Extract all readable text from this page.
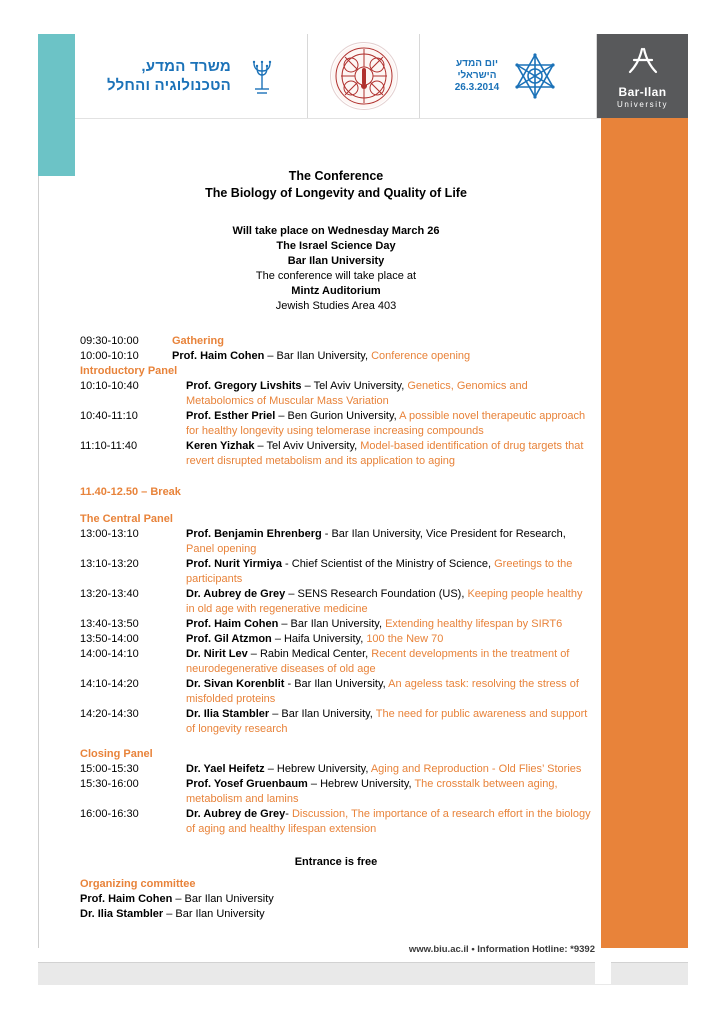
משרד המדע,
הטכנולוגיה והחלל
יום המדע
הישראלי
26.3.2014	Bar-Ilan
University
The Conference
The Biology of Longevity and Quality of Life
Will take place on Wednesday March 26
The Israel Science Day
Bar Ilan University
The conference will take place at
Mintz Auditorium
Jewish Studies Area 403
09:30-10:00	Gathering
10:00-10:10	Prof. Haim Cohen – Bar Ilan University, Conference opening
Introductory Panel
10:10-10:40	Prof. Gregory Livshits – Tel Aviv University, Genetics, Genomics and Metabolomics of Muscular Mass Variation
10:40-11:10	Prof. Esther Priel – Ben Gurion University, A possible novel therapeutic approach for healthy longevity using telomerase increasing compounds
11:10-11:40	Keren Yizhak – Tel Aviv University, Model-based identification of drug targets that revert disrupted metabolism and its application to aging
11.40-12.50 – Break
The Central Panel
13:00-13:10	Prof. Benjamin Ehrenberg - Bar Ilan University, Vice President for Research, Panel opening
13:10-13:20	Prof. Nurit Yirmiya - Chief Scientist of the Ministry of Science, Greetings to the participants
13:20-13:40	Dr. Aubrey de Grey – SENS Research Foundation (US), Keeping people healthy in old age with regenerative medicine
13:40-13:50	Prof. Haim Cohen – Bar Ilan University, Extending healthy lifespan by SIRT6
13:50-14:00	Prof. Gil Atzmon – Haifa University, 100 the New 70
14:00-14:10	Dr. Nirit Lev – Rabin Medical Center, Recent developments in the treatment of neurodegenerative diseases of old age
14:10-14:20	Dr. Sivan Korenblit - Bar Ilan University, An ageless task: resolving the stress of misfolded proteins
14:20-14:30	Dr. Ilia Stambler – Bar Ilan University, The need for public awareness and support of longevity research
Closing Panel
15:00-15:30	Dr. Yael Heifetz – Hebrew University, Aging and Reproduction - Old Flies’ Stories
15:30-16:00	Prof. Yosef Gruenbaum – Hebrew University, The crosstalk between aging, metabolism and lamins
16:00-16:30	Dr. Aubrey de Grey- Discussion, The importance of a research effort in the biology of aging and healthy lifespan extension
Entrance is free
Organizing committee
Prof. Haim Cohen – Bar Ilan University
Dr. Ilia Stambler – Bar Ilan University
www.biu.ac.il • Information Hotline: *9392
